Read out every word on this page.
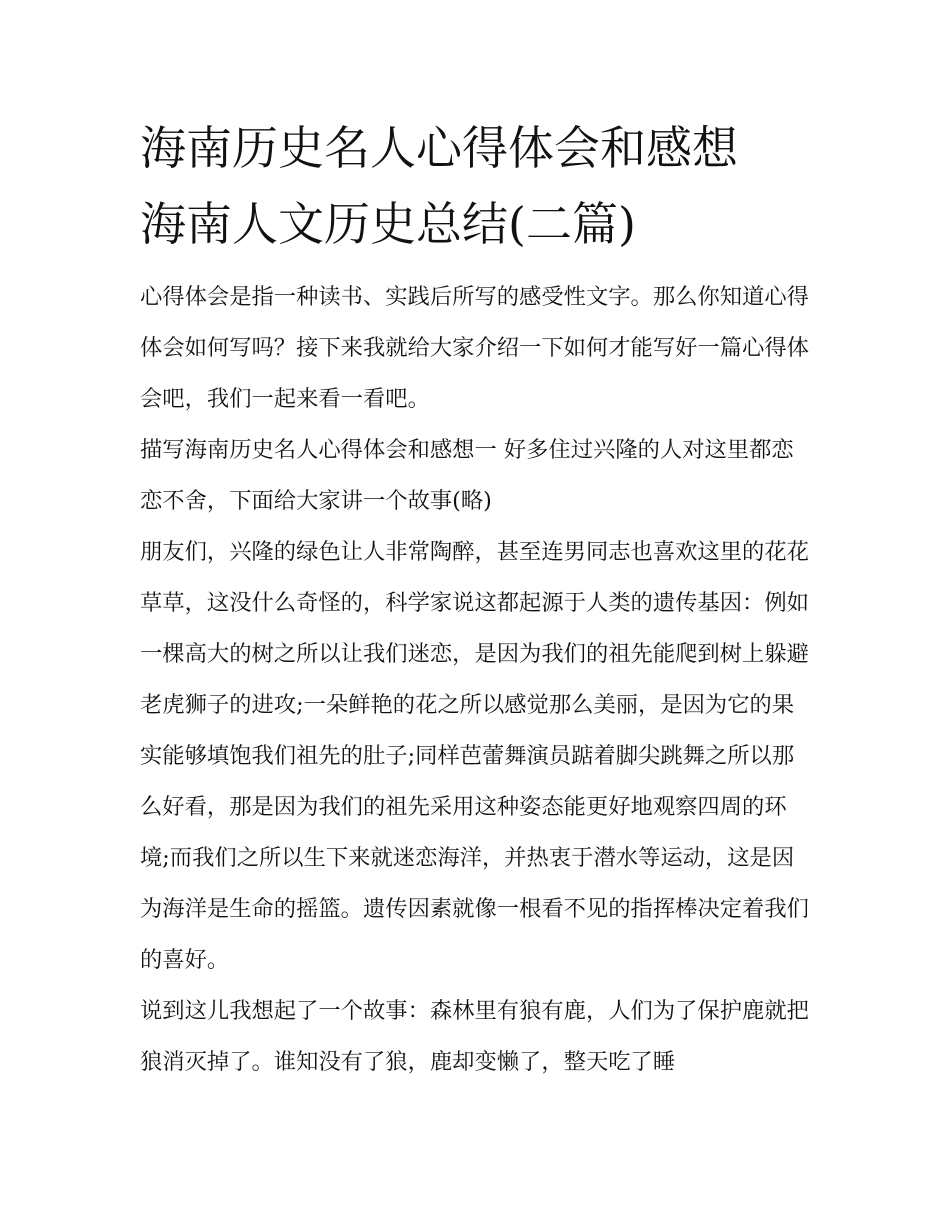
海南历史名人心得体会和感想
海南人文历史总结(二篇)

心得体会是指一种读书、实践后所写的感受性文字。那么你知道心得体会如何写吗？接下来我就给大家介绍一下如何才能写好一篇心得体会吧，我们一起来看一看吧。

描写海南历史名人心得体会和感想一 好多住过兴隆的人对这里都恋恋不舍，下面给大家讲一个故事(略)

朋友们，兴隆的绿色让人非常陶醉，甚至连男同志也喜欢这里的花花草草，这没什么奇怪的，科学家说这都起源于人类的遗传基因：例如一棵高大的树之所以让我们迷恋，是因为我们的祖先能爬到树上躲避老虎狮子的进攻;一朵鲜艳的花之所以感觉那么美丽，是因为它的果实能够填饱我们祖先的肚子;同样芭蕾舞演员踮着脚尖跳舞之所以那么好看，那是因为我们的祖先采用这种姿态能更好地观察四周的环境;而我们之所以生下来就迷恋海洋，并热衷于潜水等运动，这是因为海洋是生命的摇篮。遗传因素就像一根看不见的指挥棒决定着我们的喜好。

说到这儿我想起了一个故事：森林里有狼有鹿，人们为了保护鹿就把狼消灭掉了。谁知没有了狼，鹿却变懒了，整天吃了睡
